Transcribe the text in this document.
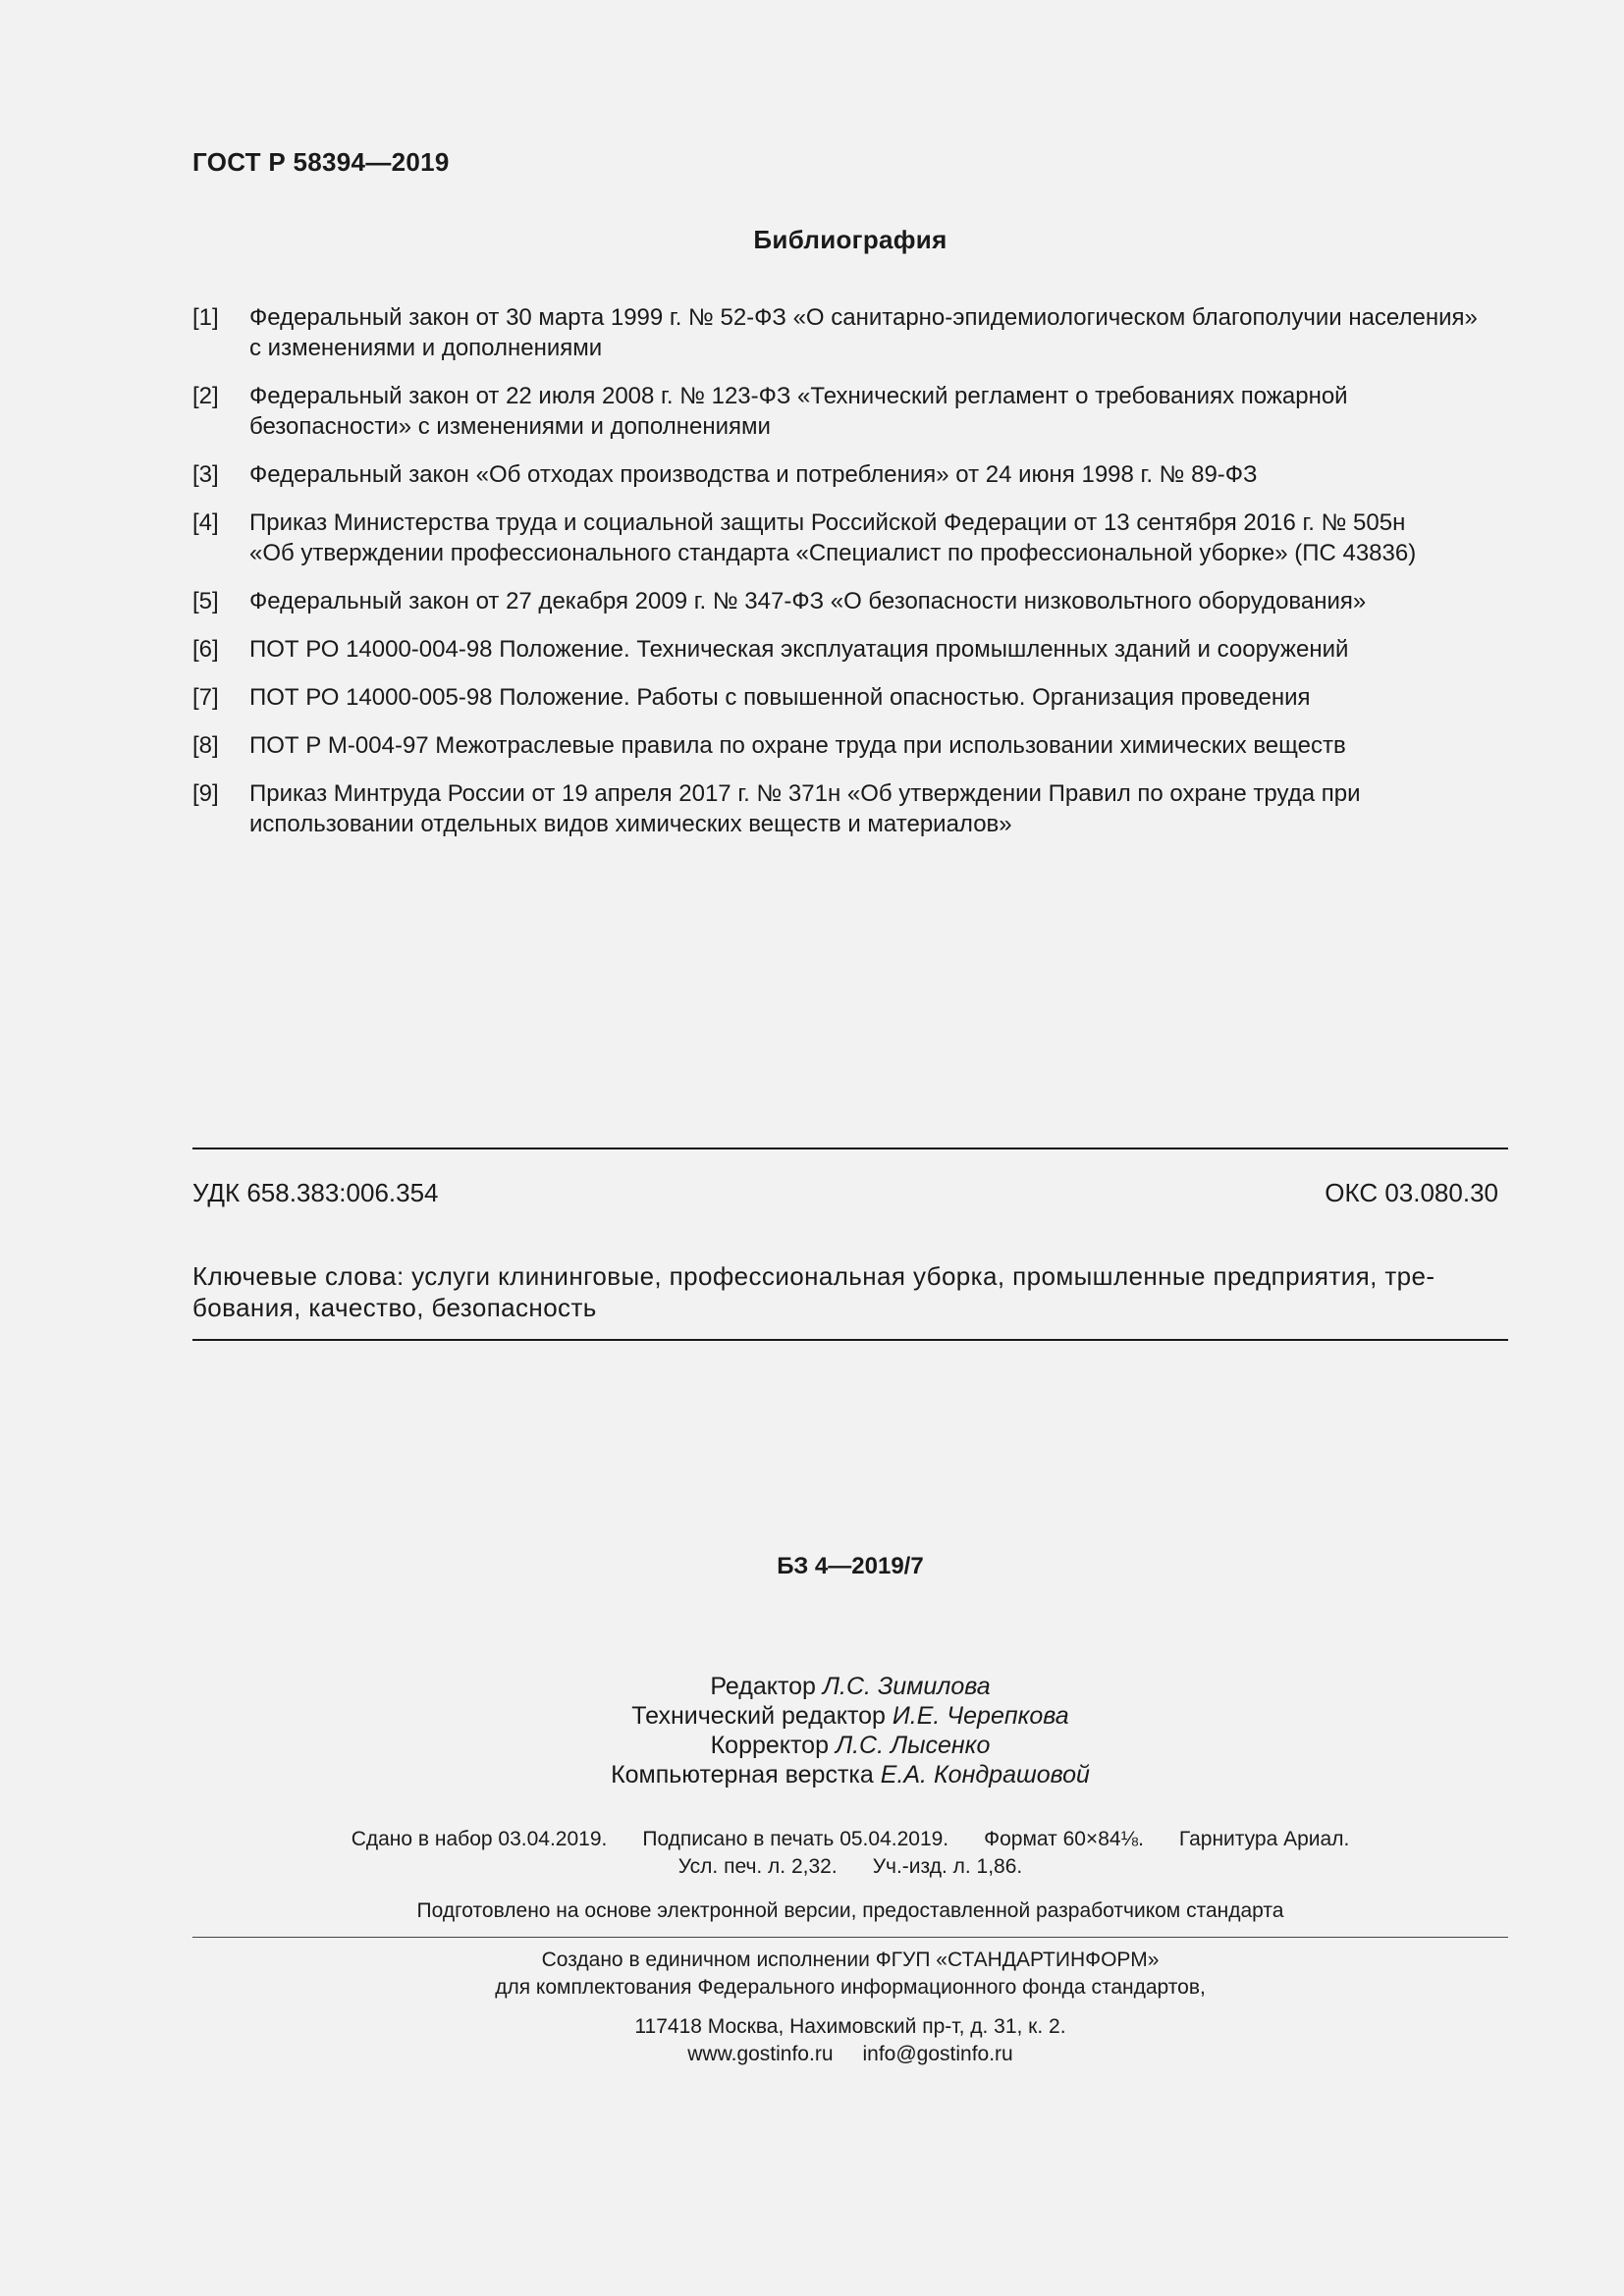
ГОСТ Р 58394—2019
Библиография
[1]	Федеральный закон от 30 марта 1999 г. № 52-ФЗ «О санитарно-эпидемиологическом благополучии населения»
с изменениями и дополнениями
[2]	Федеральный закон от 22 июля 2008 г. № 123-ФЗ «Технический регламент о требованиях пожарной
безопасности» с изменениями и дополнениями
[3]	Федеральный закон «Об отходах производства и потребления» от 24 июня 1998 г. № 89-ФЗ
[4]	Приказ Министерства труда и социальной защиты Российской Федерации от 13 сентября 2016 г. № 505н
«Об утверждении профессионального стандарта «Специалист по профессиональной уборке» (ПС 43836)
[5]	Федеральный закон от 27 декабря 2009 г. № 347-ФЗ «О безопасности низковольтного оборудования»
[6]	ПОТ РО 14000-004-98 Положение. Техническая эксплуатация промышленных зданий и сооружений
[7]	ПОТ РО 14000-005-98 Положение. Работы с повышенной опасностью. Организация проведения
[8]	ПОТ Р М-004-97 Межотраслевые правила по охране труда при использовании химических веществ
[9]	Приказ Минтруда России от 19 апреля 2017 г. № 371н «Об утверждении Правил по охране труда при
использовании отдельных видов химических веществ и материалов»
УДК 658.383:006.354	ОКС 03.080.30
Ключевые слова: услуги клининговые, профессиональная уборка, промышленные предприятия, тре-
бования, качество, безопасность
БЗ 4—2019/7
Редактор Л.С. Зимилова
Технический редактор И.Е. Черепкова
Корректор Л.С. Лысенко
Компьютерная верстка Е.А. Кондрашовой
Сдано в набор 03.04.2019. Подписано в печать 05.04.2019. Формат 60×84⅛. Гарнитура Ариал.
Усл. печ. л. 2,32. Уч.-изд. л. 1,86.
Подготовлено на основе электронной версии, предоставленной разработчиком стандарта
Создано в единичном исполнении ФГУП «СТАНДАРТИНФОРМ»
для комплектования Федерального информационного фонда стандартов,
117418 Москва, Нахимовский пр-т, д. 31, к. 2.
www.gostinfo.ru info@gostinfo.ru
